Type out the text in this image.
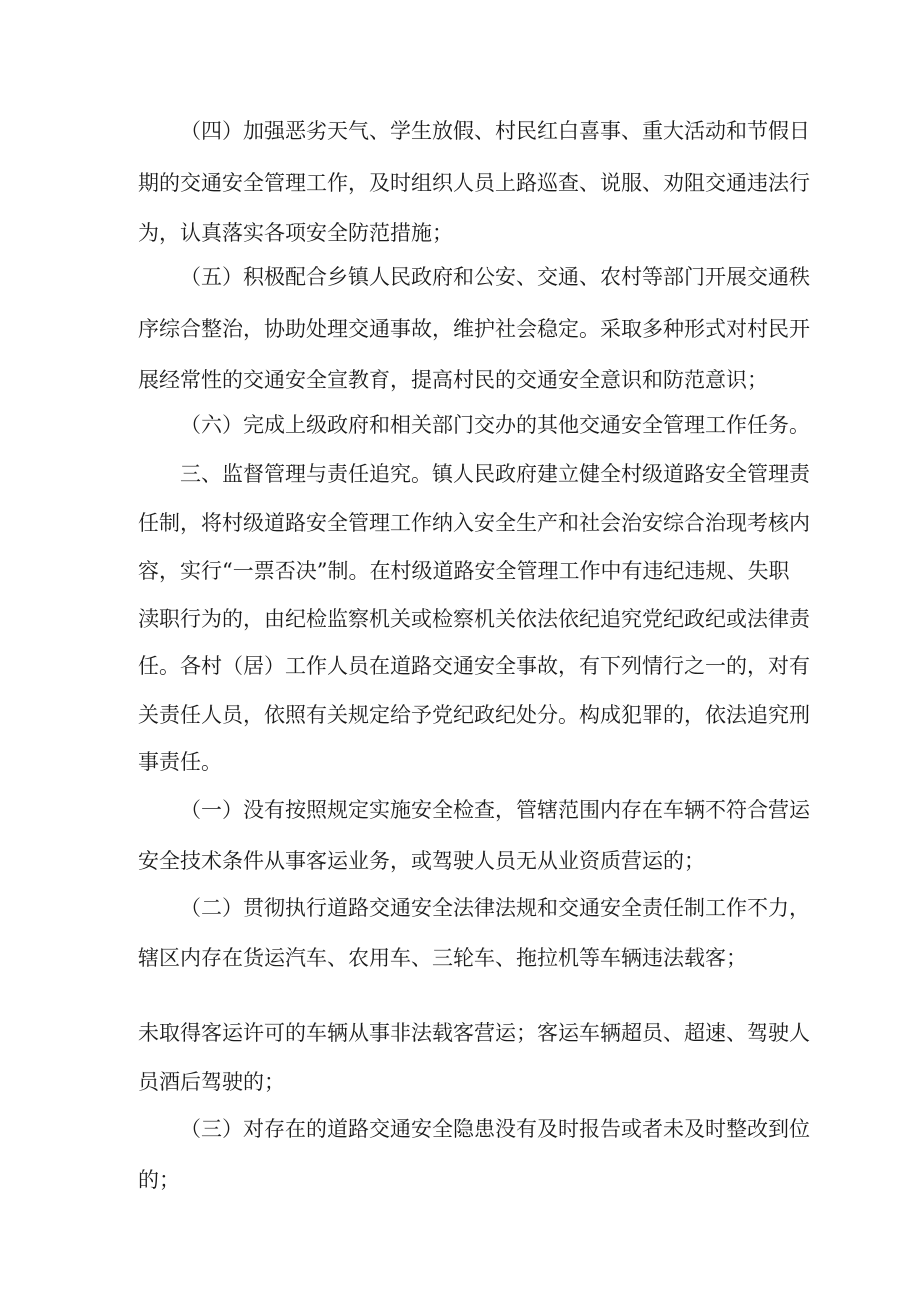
（四）加强恶劣天气、学生放假、村民红白喜事、重大活动和节假日
期的交通安全管理工作，及时组织人员上路巡查、说服、劝阻交通违法行
为，认真落实各项安全防范措施；
（五）积极配合乡镇人民政府和公安、交通、农村等部门开展交通秩
序综合整治，协助处理交通事故，维护社会稳定。采取多种形式对村民开
展经常性的交通安全宣教育，提高村民的交通安全意识和防范意识；
（六）完成上级政府和相关部门交办的其他交通安全管理工作任务。
三、监督管理与责任追究。镇人民政府建立健全村级道路安全管理责
任制，将村级道路安全管理工作纳入安全生产和社会治安综合治现考核内
容，实行“一票否决”制。在村级道路安全管理工作中有违纪违规、失职
渎职行为的，由纪检监察机关或检察机关依法依纪追究党纪政纪或法律责
任。各村（居）工作人员在道路交通安全事故，有下列情行之一的，对有
关责任人员，依照有关规定给予党纪政纪处分。构成犯罪的，依法追究刑
事责任。
（一）没有按照规定实施安全检查，管辖范围内存在车辆不符合营运
安全技术条件从事客运业务，或驾驶人员无从业资质营运的；
（二）贯彻执行道路交通安全法律法规和交通安全责任制工作不力，
辖区内存在货运汽车、农用车、三轮车、拖拉机等车辆违法载客；
未取得客运许可的车辆从事非法载客营运；客运车辆超员、超速、驾驶人
员酒后驾驶的；
（三）对存在的道路交通安全隐患没有及时报告或者未及时整改到位
的；
